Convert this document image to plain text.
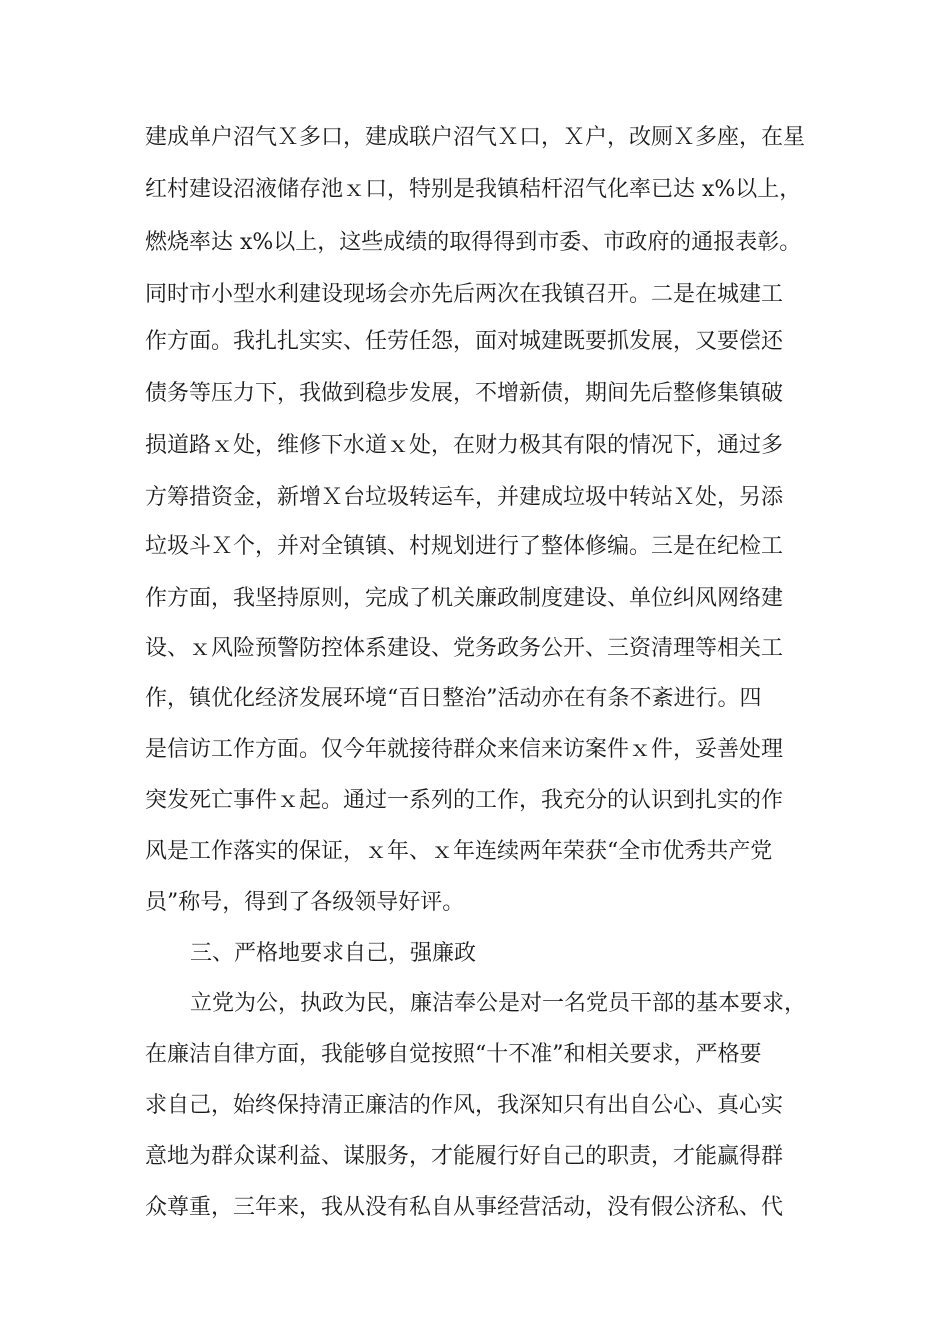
建成单户沼气Ｘ多口，建成联户沼气Ｘ口，Ｘ户，改厕Ｘ多座，在星
红村建设沼液储存池ｘ口，特别是我镇秸杆沼气化率已达 x%以上，
燃烧率达 x%以上，这些成绩的取得得到市委、市政府的通报表彰。
同时市小型水利建设现场会亦先后两次在我镇召开。二是在城建工
作方面。我扎扎实实、任劳任怨，面对城建既要抓发展，又要偿还
债务等压力下，我做到稳步发展，不增新债，期间先后整修集镇破
损道路ｘ处，维修下水道ｘ处，在财力极其有限的情况下，通过多
方筹措资金，新增Ｘ台垃圾转运车，并建成垃圾中转站Ｘ处，另添
垃圾斗Ｘ个，并对全镇镇、村规划进行了整体修编。三是在纪检工
作方面，我坚持原则，完成了机关廉政制度建设、单位纠风网络建
设、ｘ风险预警防控体系建设、党务政务公开、三资清理等相关工
作，镇优化经济发展环境“百日整治”活动亦在有条不紊进行。四
是信访工作方面。仅今年就接待群众来信来访案件ｘ件，妥善处理
突发死亡事件ｘ起。通过一系列的工作，我充分的认识到扎实的作
风是工作落实的保证，ｘ年、ｘ年连续两年荣获“全市优秀共产党
员”称号，得到了各级领导好评。
三、严格地要求自己，强廉政
立党为公，执政为民，廉洁奉公是对一名党员干部的基本要求，
在廉洁自律方面，我能够自觉按照“十不准”和相关要求，严格要
求自己，始终保持清正廉洁的作风，我深知只有出自公心、真心实
意地为群众谋利益、谋服务，才能履行好自己的职责，才能赢得群
众尊重，三年来，我从没有私自从事经营活动，没有假公济私、代
